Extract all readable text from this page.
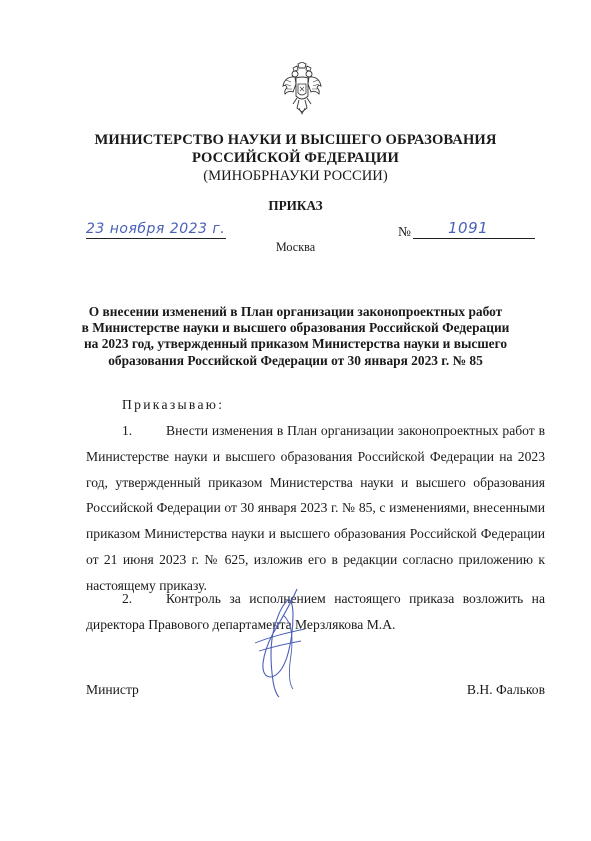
МИНИСТЕРСТВО НАУКИ И ВЫСШЕГО ОБРАЗОВАНИЯ
РОССИЙСКОЙ ФЕДЕРАЦИИ
(МИНОБРНАУКИ РОССИИ)
ПРИКАЗ
23 ноября 2023 г.	№ 1091
Москва
О внесении изменений в План организации законопроектных работ
в Министерстве науки и высшего образования Российской Федерации
на 2023 год, утвержденный приказом Министерства науки и высшего
образования Российской Федерации от 30 января 2023 г. № 85
Приказываю:
1. Внести изменения в План организации законопроектных работ в Министерстве науки и высшего образования Российской Федерации на 2023 год, утвержденный приказом Министерства науки и высшего образования Российской Федерации от 30 января 2023 г. № 85, с изменениями, внесенными приказом Министерства науки и высшего образования Российской Федерации от 21 июня 2023 г. № 625, изложив его в редакции согласно приложению к настоящему приказу.
2. Контроль за исполнением настоящего приказа возложить на директора Правового департамента Мерзлякова М.А.
Министр	В.Н. Фальков
